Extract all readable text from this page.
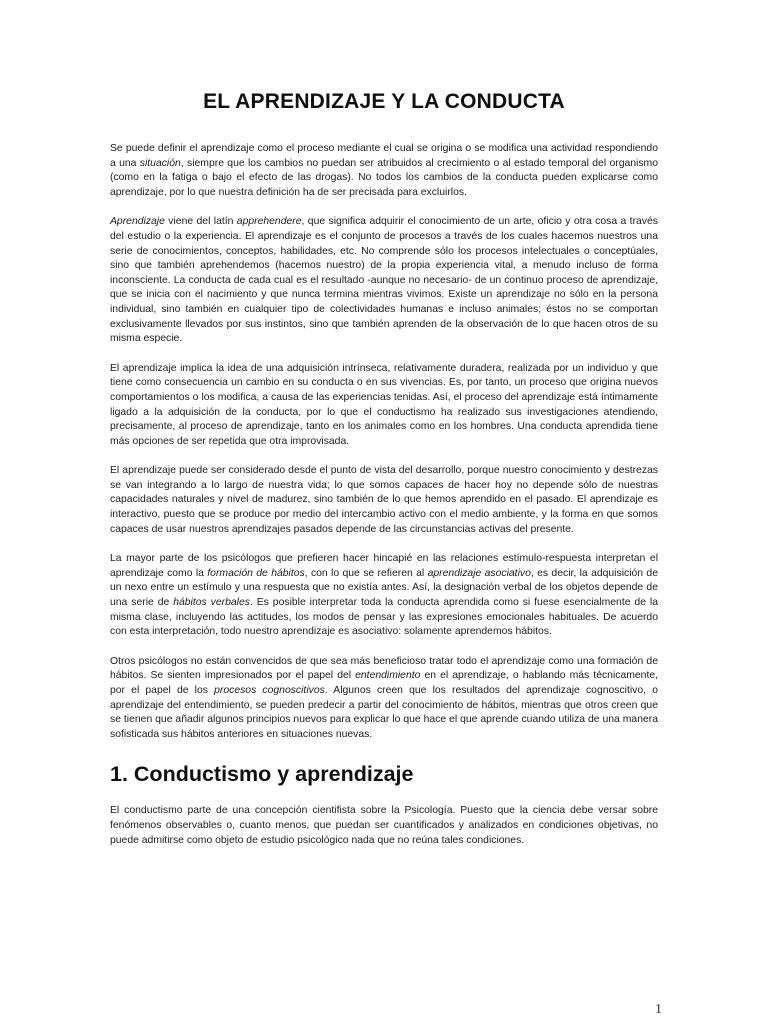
EL APRENDIZAJE Y LA CONDUCTA

Se puede definir el aprendizaje como el proceso mediante el cual se origina o se modifica una actividad respondiendo a una situación, siempre que los cambios no puedan ser atribuidos al crecimiento o al estado temporal del organismo (como en la fatiga o bajo el efecto de las drogas). No todos los cambios de la conducta pueden explicarse como aprendizaje, por lo que nuestra definición ha de ser precisada para excluirlos.

Aprendizaje viene del latín apprehendere, que significa adquirir el conocimiento de un arte, oficio y otra cosa a través del estudio o la experiencia. El aprendizaje es el conjunto de procesos a través de los cuales hacemos nuestros una serie de conocimientos, conceptos, habilidades, etc. No comprende sólo los procesos intelectuales o conceptúales, sino que también aprehendemos (hacemos nuestro) de la propia experiencia vital, a menudo incluso de forma inconsciente. La conducta de cada cual es el resultado -aunque no necesario- de un continuo proceso de aprendizaje, que se inicia con el nacimiento y que nunca termina mientras vivimos. Existe un aprendizaje no sólo en la persona individual, sino también en cualquier tipo de colectividades humanas e incluso animales; éstos no se comportan exclusivamente llevados por sus instintos, sino que también aprenden de la observación de lo que hacen otros de su misma especie.

El aprendizaje implica la idea de una adquisición intrínseca, relativamente duradera, realizada por un individuo y que tiene como consecuencia un cambio en su conducta o en sus vivencias. Es, por tanto, un proceso que origina nuevos comportamientos o los modifica, a causa de las experiencias tenidas. Así, el proceso del aprendizaje está íntimamente ligado a la adquisición de la conducta, por lo que el conductismo ha realizado sus investigaciones atendiendo, precisamente, al proceso de aprendizaje, tanto en los animales como en los hombres. Una conducta aprendida tiene más opciones de ser repetida que otra improvisada.

El aprendizaje puede ser considerado desde el punto de vista del desarrollo, porque nuestro conocimiento y destrezas se van integrando a lo largo de nuestra vida; lo que somos capaces de hacer hoy no depende sólo de nuestras capacidades naturales y nivel de madurez, sino también de lo que hemos aprendido en el pasado. El aprendizaje es interactivo, puesto que se produce por medio del intercambio activo con el medio ambiente, y la forma en que somos capaces de usar nuestros aprendizajes pasados depende de las circunstancias activas del presente.

La mayor parte de los psicólogos que prefieren hacer hincapié en las relaciones estímulo-respuesta interpretan el aprendizaje como la formación de hábitos, con lo que se refieren al aprendizaje asociativo, es decir, la adquisición de un nexo entre un estímulo y una respuesta que no existía antes. Así, la designación verbal de los objetos depende de una serie de hábitos verbales. Es posible interpretar toda la conducta aprendida como si fuese esencialmente de la misma clase, incluyendo las actitudes, los modos de pensar y las expresiones emocionales habituales. De acuerdo con esta interpretación, todo nuestro aprendizaje es asociativo: solamente aprendemos hábitos.

Otros psicólogos no están convencidos de que sea más beneficioso tratar todo el aprendizaje como una formación de hábitos. Se sienten impresionados por el papel del entendimiento en el aprendizaje, o hablando más técnicamente, por el papel de los procesos cognoscitivos. Algunos creen que los resultados del aprendizaje cognoscitivo, o aprendizaje del entendimiento, se pueden predecir a partir del conocimiento de hábitos, mientras que otros creen que se tienen que añadir algunos principios nuevos para explicar lo que hace el que aprende cuando utiliza de una manera sofisticada sus hábitos anteriores en situaciones nuevas.

1. Conductismo y aprendizaje

El conductismo parte de una concepción cientifista sobre la Psicología. Puesto que la ciencia debe versar sobre fenómenos observables o, cuanto menos, que puedan ser cuantificados y analizados en condiciones objetivas, no puede admitirse como objeto de estudio psicológico nada que no reúna tales condiciones.

1
